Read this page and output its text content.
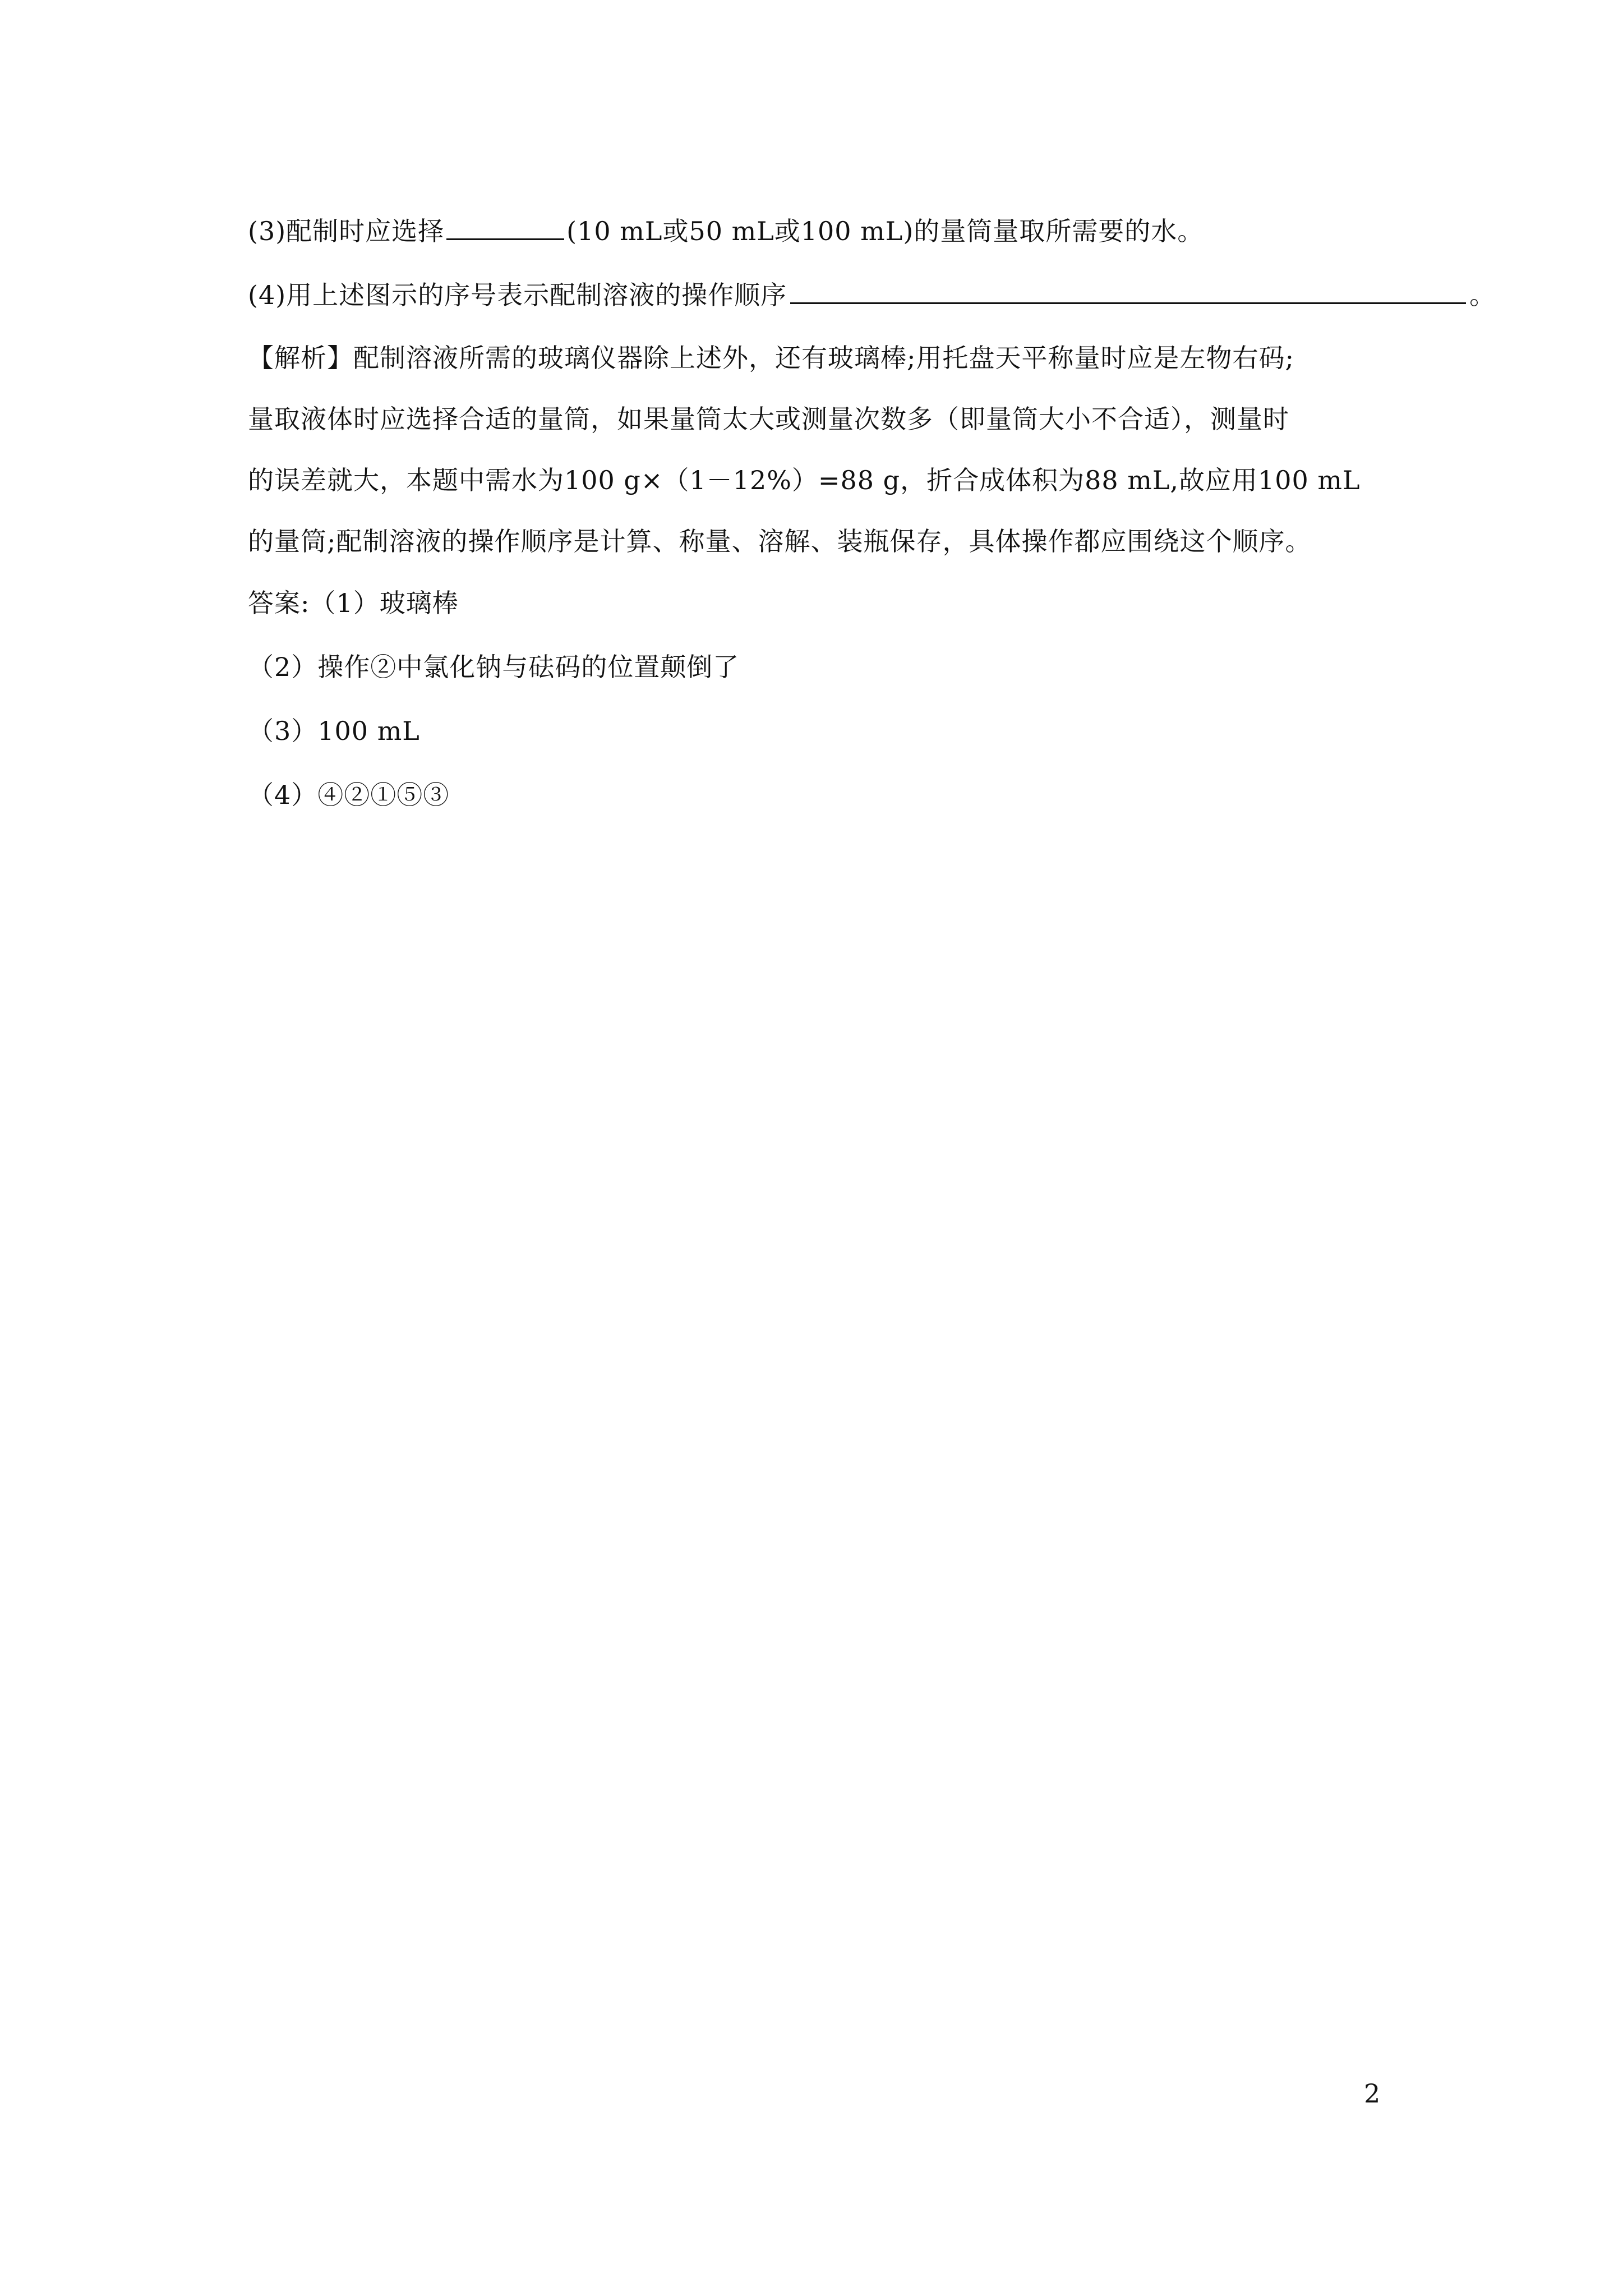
(3)配制时应选择	(10 mL或50 mL或100 mL)的量筒量取所需要的水。
(4)用上述图示的序号表示配制溶液的操作顺序	。
【解析】配制溶液所需的玻璃仪器除上述外，还有玻璃棒;用托盘天平称量时应是左物右码;
量取液体时应选择合适的量筒，如果量筒太大或测量次数多（即量筒大小不合适），测量时
的误差就大，本题中需水为100 g×（1－12%）=88 g，折合成体积为88 mL,故应用100 mL
的量筒;配制溶液的操作顺序是计算、称量、溶解、装瓶保存，具体操作都应围绕这个顺序。
答案:（1）玻璃棒
（2）操作②中氯化钠与砝码的位置颠倒了
（3）100 mL
（4）④②①⑤③
2
